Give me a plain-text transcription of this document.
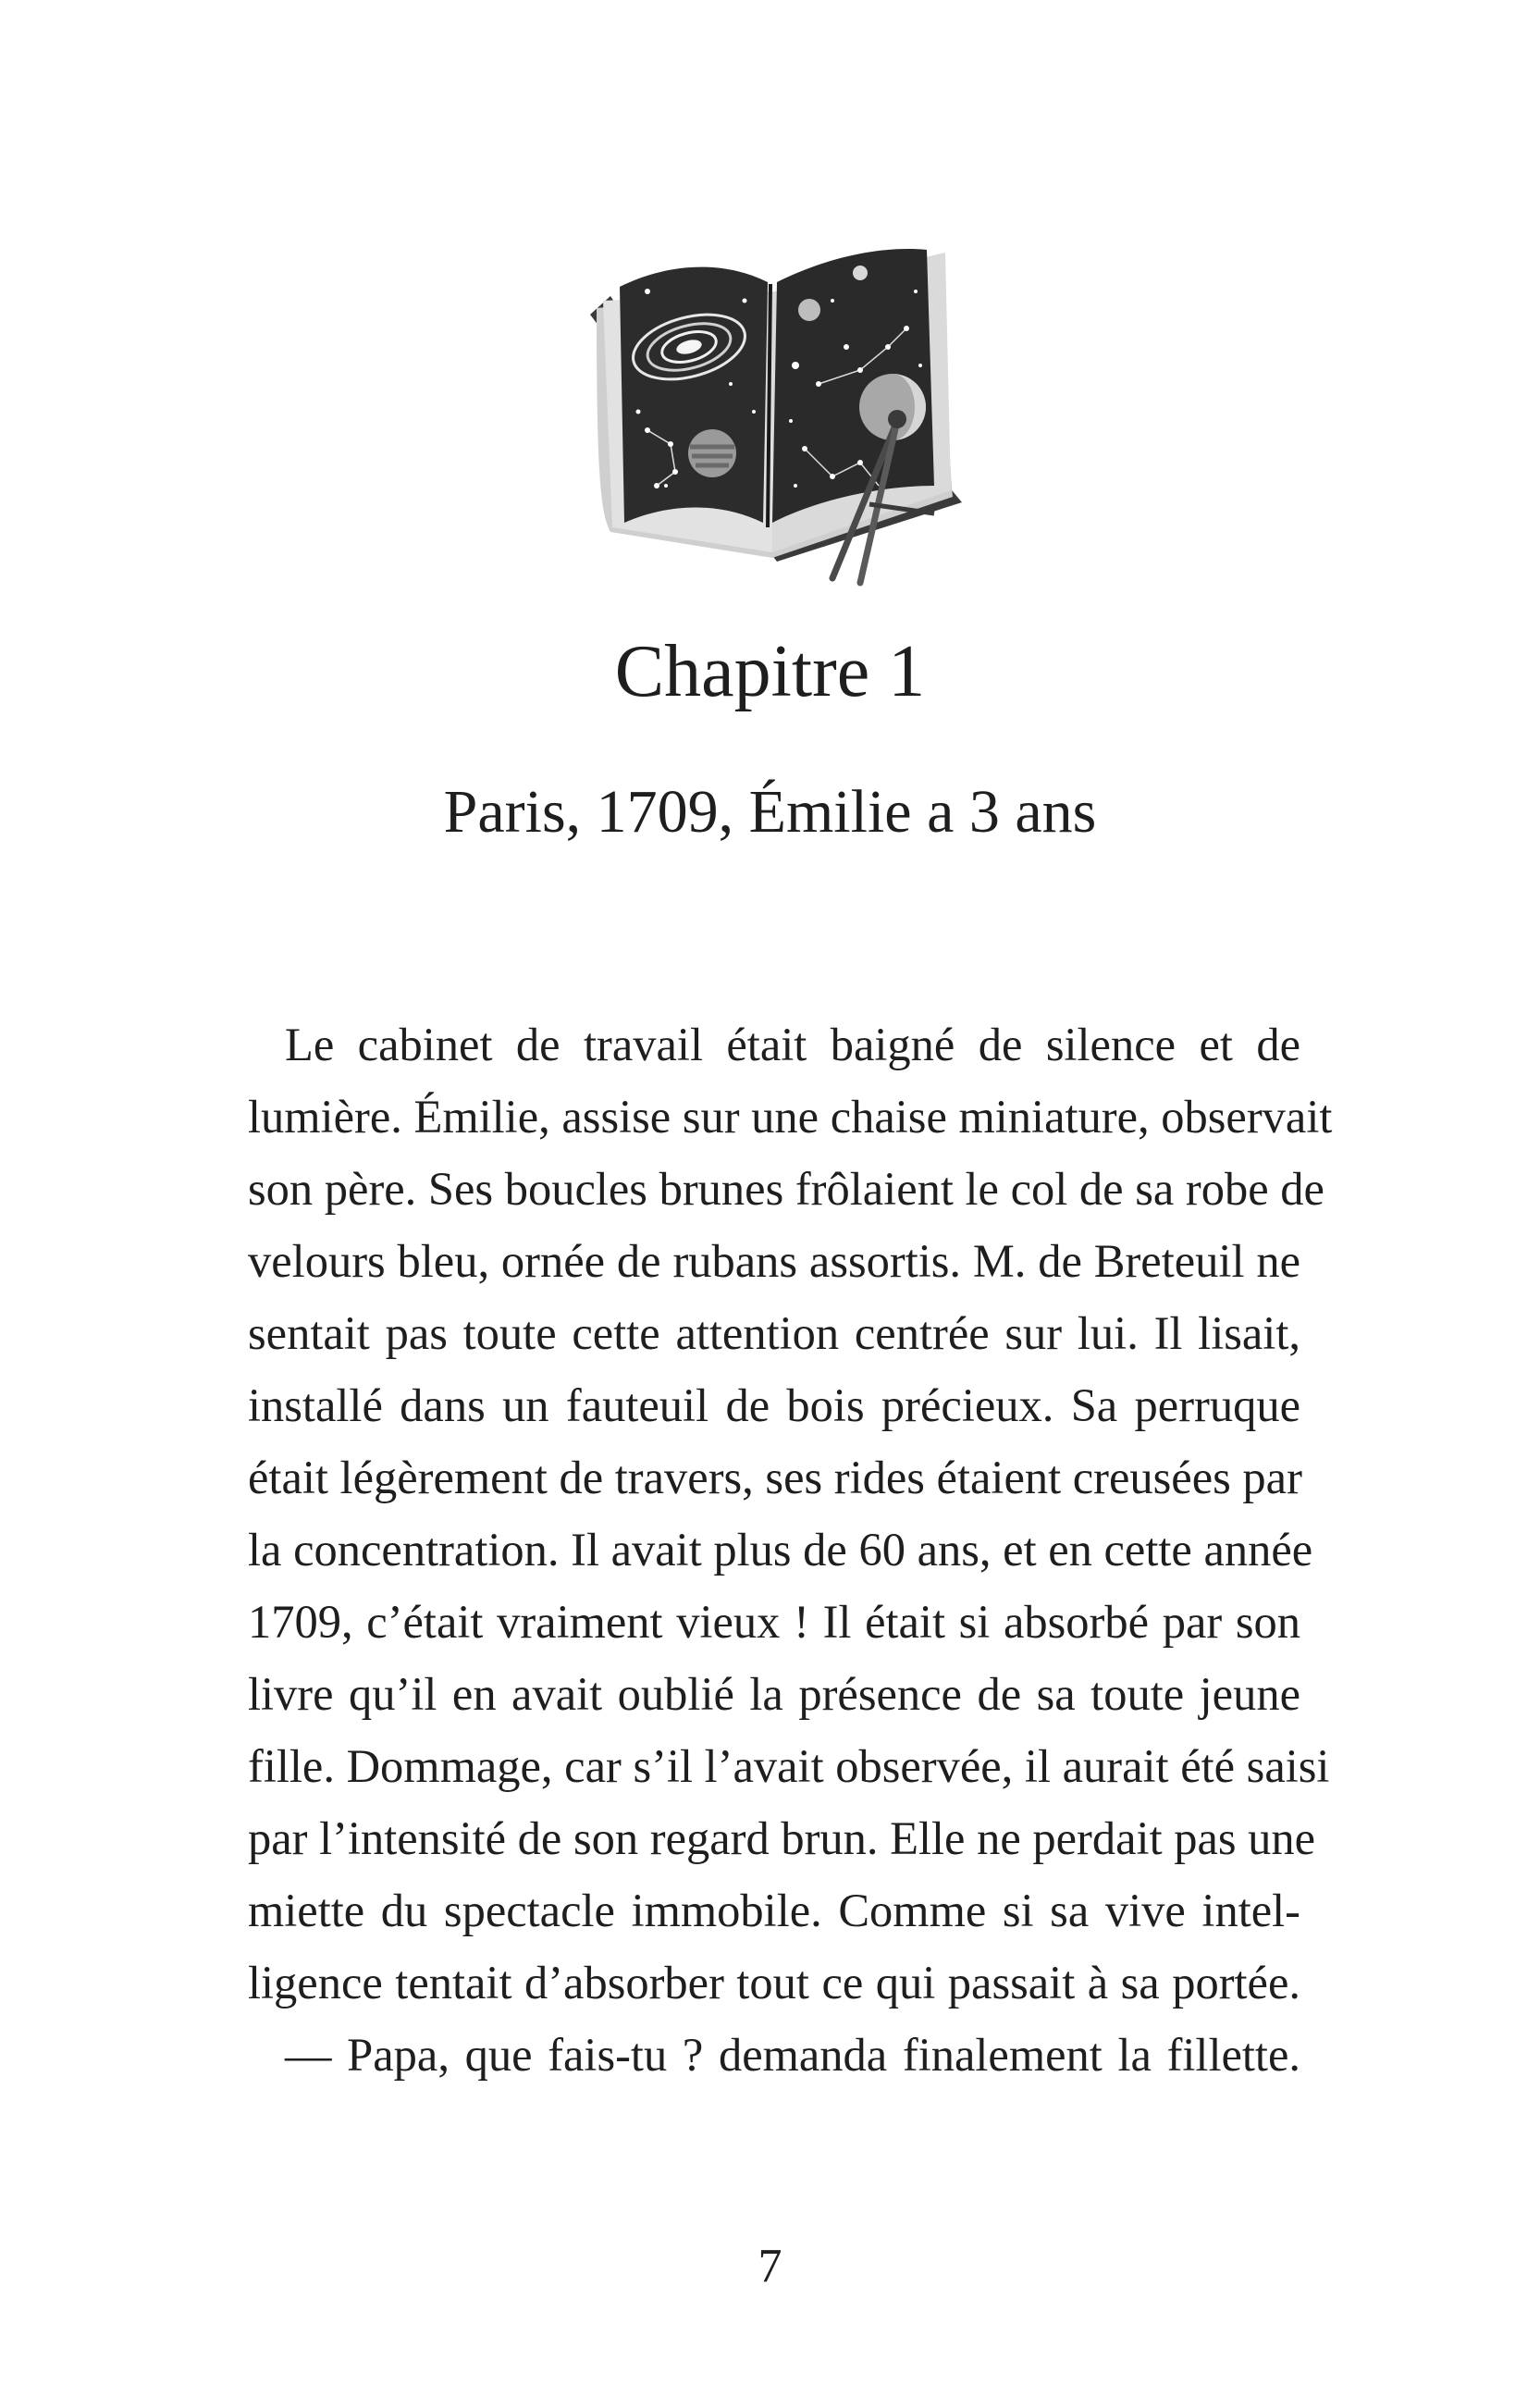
Chapitre 1
Paris, 1709, Émilie a 3 ans
Le cabinet de travail était baigné de silence et de
lumière. Émilie, assise sur une chaise miniature, observait
son père. Ses boucles brunes frôlaient le col de sa robe de
velours bleu, ornée de rubans assortis. M. de Breteuil ne
sentait pas toute cette attention centrée sur lui. Il lisait,
installé dans un fauteuil de bois précieux. Sa perruque
était légèrement de travers, ses rides étaient creusées par
la concentration. Il avait plus de 60 ans, et en cette année
1709, c’était vraiment vieux ! Il était si absorbé par son
livre qu’il en avait oublié la présence de sa toute jeune
fille. Dommage, car s’il l’avait observée, il aurait été saisi
par l’intensité de son regard brun. Elle ne perdait pas une
miette du spectacle immobile. Comme si sa vive intel-
ligence tentait d’absorber tout ce qui passait à sa portée.
— Papa, que fais-tu ? demanda finalement la fillette.
7
